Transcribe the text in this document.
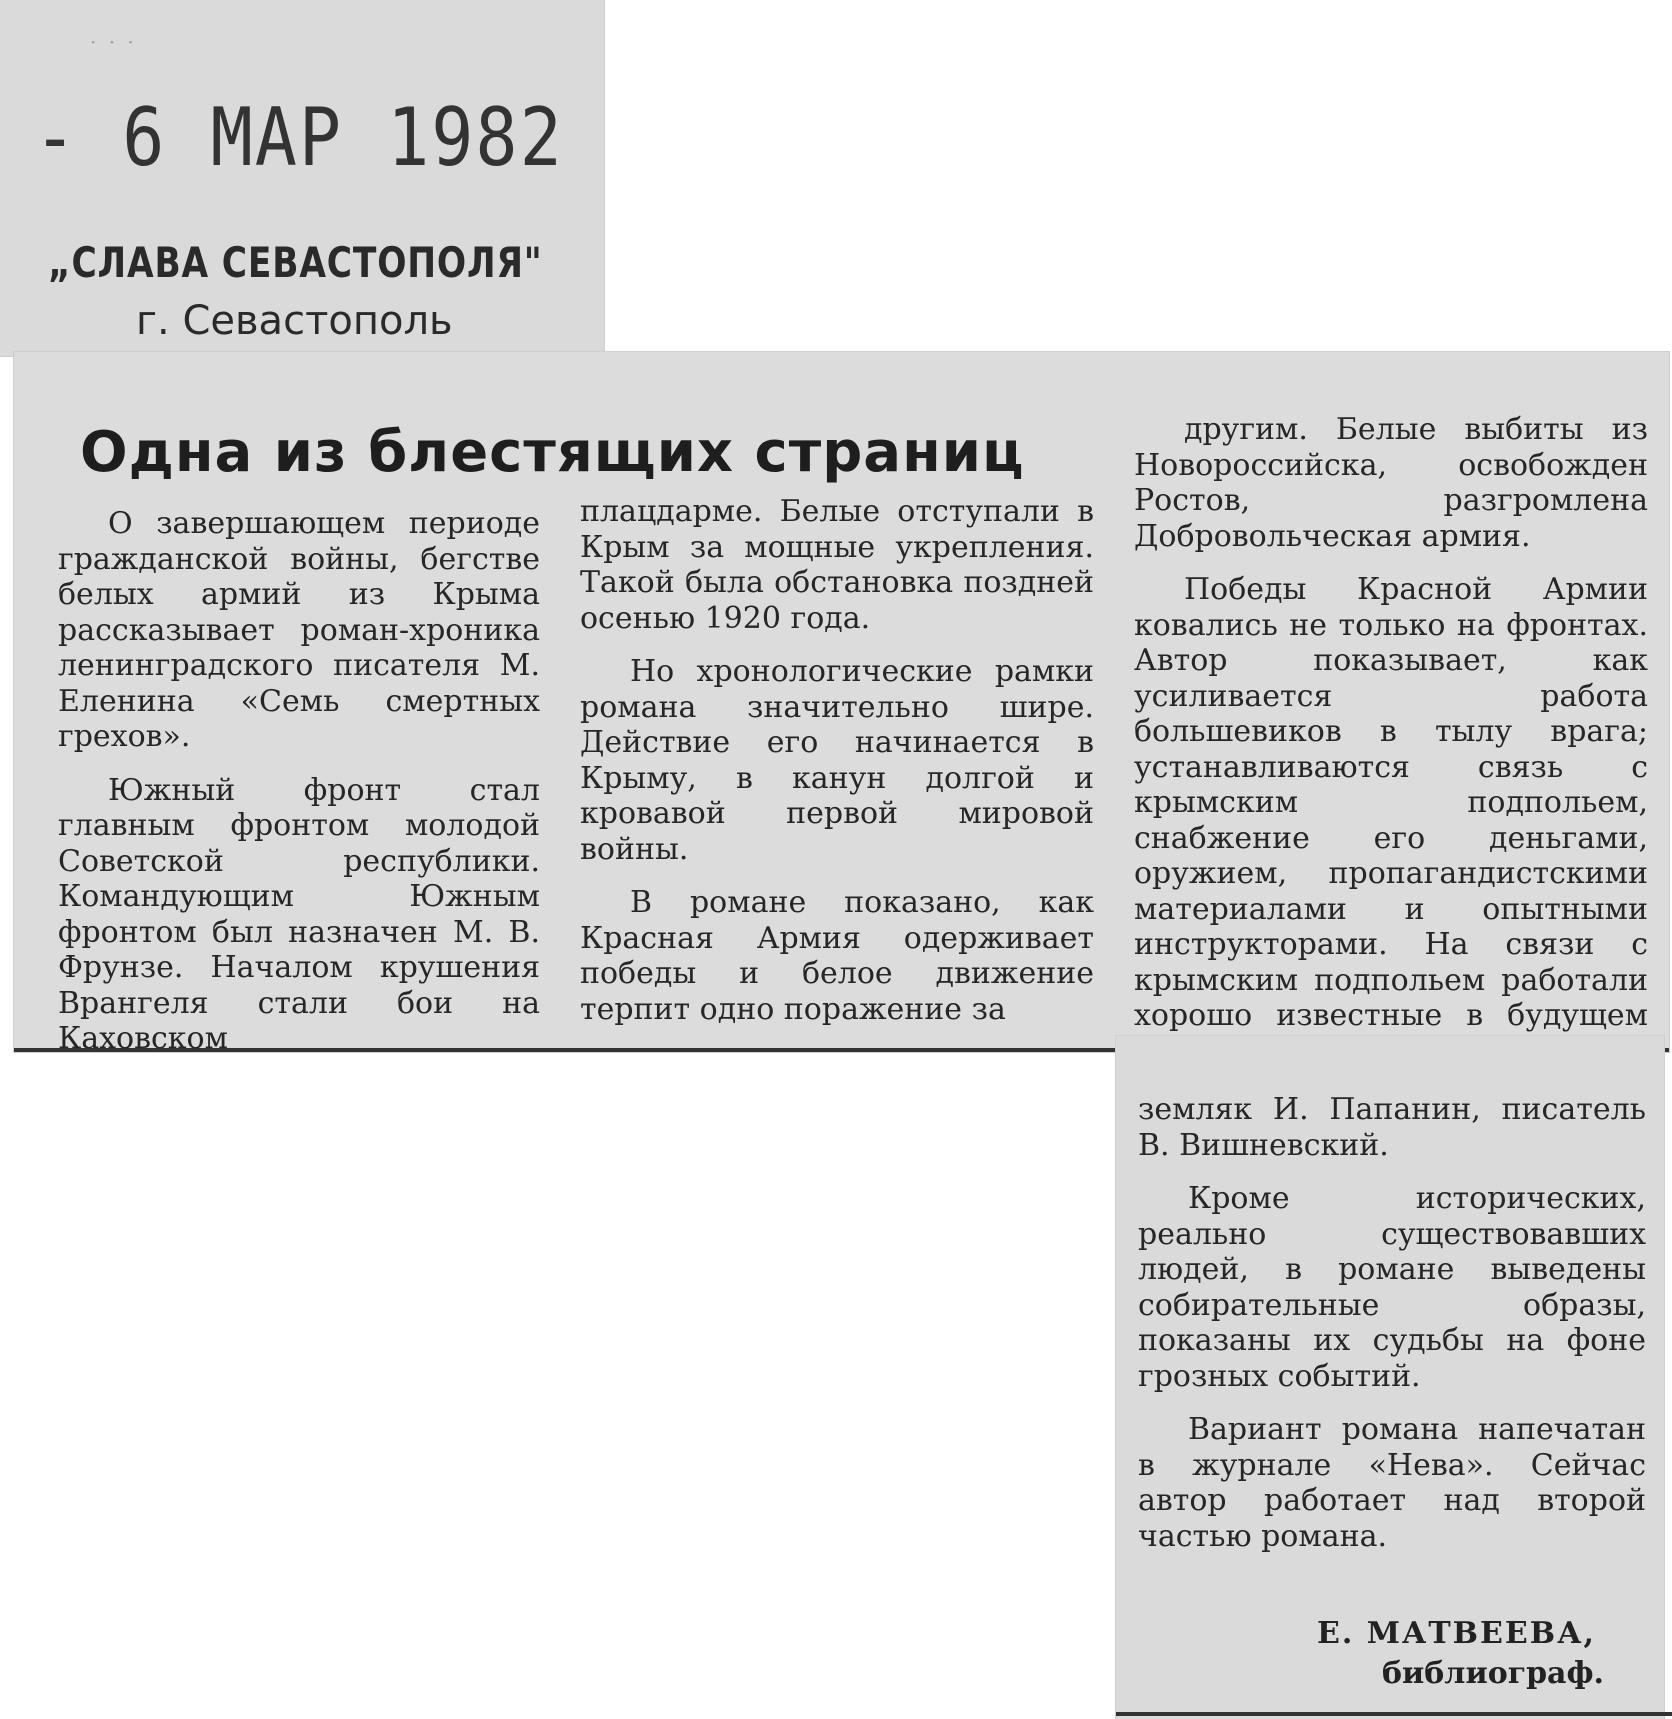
· · ·
- 6 МАР 1982
„СЛАВА СЕВАСТОПОЛЯ"
г. Севастополь
Одна из блестящих страниц

О завершающем периоде гражданской войны, бегстве белых армий из Крыма рассказывает роман-хроника ленинградского писателя М. Еленина «Семь смертных грехов».

Южный фронт стал главным фронтом молодой Советской республики. Командующим Южным фронтом был назначен М. В. Фрунзе. Началом крушения Врангеля стали бои на Каховском

плацдарме. Белые отступали в Крым за мощные укрепления. Такой была обстановка поздней осенью 1920 года.

Но хронологические рамки романа значительно шире. Действие его начинается в Крыму, в канун долгой и кровавой первой мировой войны.

В романе показано, как Красная Армия одерживает победы и белое движение терпит одно поражение за

другим. Белые выбиты из Новороссийска, освобожден Ростов, разгромлена Добровольческая армия.

Победы Красной Армии ковались не только на фронтах. Автор показывает, как усиливается работа большевиков в тылу врага; устанавливаются связь с крымским подпольем, снабжение его деньгами, оружием, пропагандистскими материалами и опытными инструкторами. На связи с крымским подпольем работали хорошо известные в будущем

земляк И. Папанин, писатель В. Вишневский.

Кроме исторических, реально существовавших людей, в романе выведены собирательные образы, показаны их судьбы на фоне грозных событий.

Вариант романа напечатан в журнале «Нева». Сейчас автор работает над второй частью романа.

Е. МАТВЕЕВА,
библиограф.
